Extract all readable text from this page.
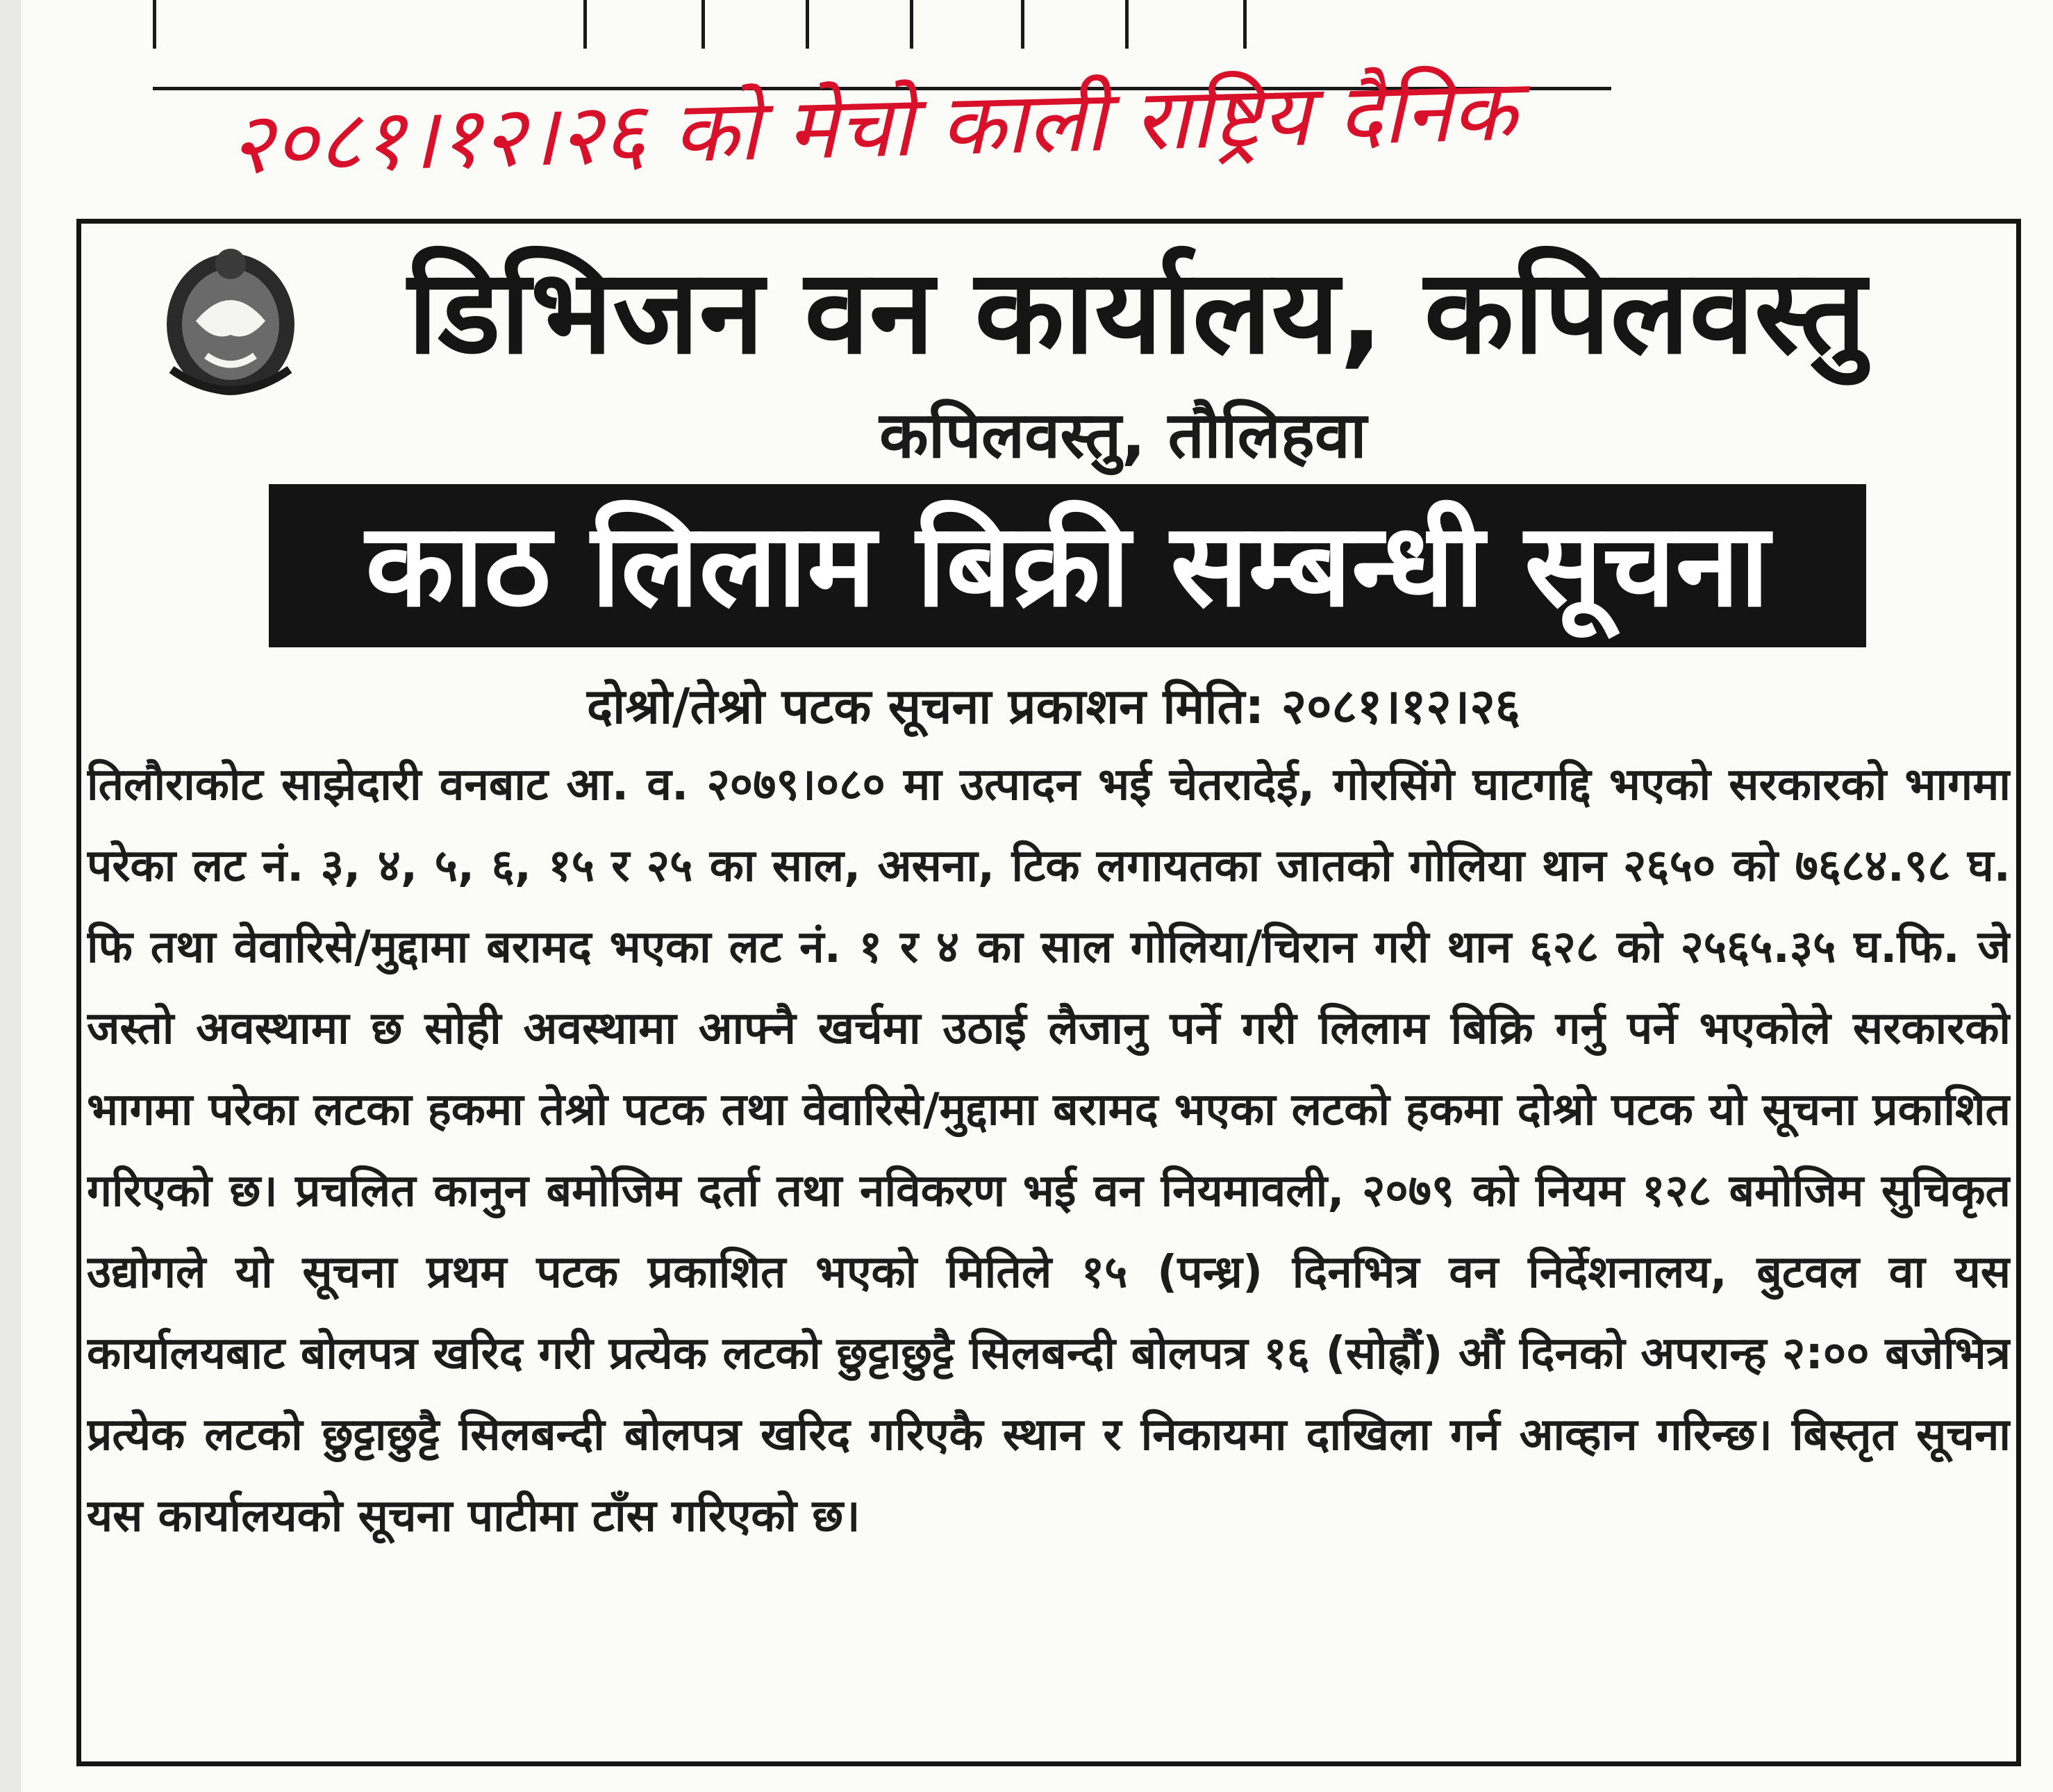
२०८१।१२।२६ को मेचो काली राष्ट्रिय दैनिक
डिभिजन वन कार्यालय, कपिलवस्तु
कपिलवस्तु, तौलिहवा
काठ लिलाम बिक्री सम्बन्धी सूचना
दोश्रो/तेश्रो पटक सूचना प्रकाशन मिति: २०८१।१२।२६
तिलौराकोट साझेदारी वनबाट आ. व. २०७९।०८० मा उत्पादन भई चेतरादेई, गोरसिंगे घाटगद्दि भएको सरकारको भागमा परेका लट नं. ३, ४, ५, ६, १५ र २५ का साल, असना, टिक लगायतका जातको गोलिया थान २६५० को ७६८४.९८ घ. फि तथा वेवारिसे/मुद्दामा बरामद भएका लट नं. १ र ४ का साल गोलिया/चिरान गरी थान ६२८ को २५६५.३५ घ.फि. जे जस्तो अवस्थामा छ सोही अवस्थामा आफ्नै खर्चमा उठाई लैजानु पर्ने गरी लिलाम बिक्रि गर्नु पर्ने भएकोले सरकारको भागमा परेका लटका हकमा तेश्रो पटक तथा वेवारिसे/मुद्दामा बरामद भएका लटको हकमा दोश्रो पटक यो सूचना प्रकाशित गरिएको छ। प्रचलित कानुन बमोजिम दर्ता तथा नविकरण भई वन नियमावली, २०७९ को नियम १२८ बमोजिम सुचिकृत उद्योगले यो सूचना प्रथम पटक प्रकाशित भएको मितिले १५ (पन्ध्र) दिनभित्र वन निर्देशनालय, बुटवल वा यस कार्यालयबाट बोलपत्र खरिद गरी प्रत्येक लटको छुट्टाछुट्टै सिलबन्दी बोलपत्र १६ (सोह्रौं) औं दिनको अपरान्ह २:०० बजेभित्र प्रत्येक लटको छुट्टाछुट्टै सिलबन्दी बोलपत्र खरिद गरिएकै स्थान र निकायमा दाखिला गर्न आव्हान गरिन्छ। बिस्तृत सूचना यस कार्यालयको सूचना पाटीमा टाँस गरिएको छ।
